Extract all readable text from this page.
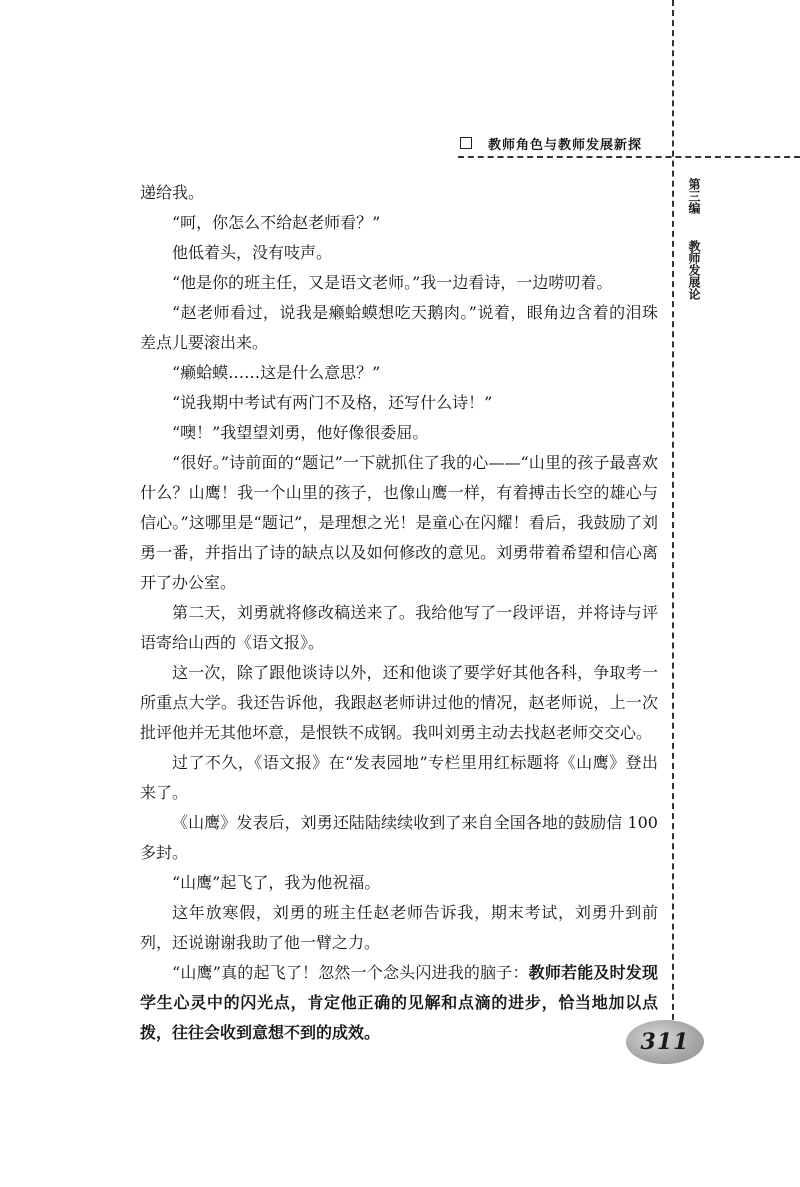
教师角色与教师发展新探
第三编
教师发展论

递给我。

“呵，你怎么不给赵老师看？”

他低着头，没有吱声。

“他是你的班主任，又是语文老师。”我一边看诗，一边唠叨着。

“赵老师看过，说我是癞蛤蟆想吃天鹅肉。”说着，眼角边含着的泪珠差点儿要滚出来。

“癞蛤蟆……这是什么意思？”

“说我期中考试有两门不及格，还写什么诗！”

“噢！”我望望刘勇，他好像很委屈。

“很好。”诗前面的“题记”一下就抓住了我的心——“山里的孩子最喜欢什么？山鹰！我一个山里的孩子，也像山鹰一样，有着搏击长空的雄心与信心。”这哪里是“题记”，是理想之光！是童心在闪耀！看后，我鼓励了刘勇一番，并指出了诗的缺点以及如何修改的意见。刘勇带着希望和信心离开了办公室。

第二天，刘勇就将修改稿送来了。我给他写了一段评语，并将诗与评语寄给山西的《语文报》。

这一次，除了跟他谈诗以外，还和他谈了要学好其他各科，争取考一所重点大学。我还告诉他，我跟赵老师讲过他的情况，赵老师说，上一次批评他并无其他坏意，是恨铁不成钢。我叫刘勇主动去找赵老师交交心。

过了不久，《语文报》在“发表园地”专栏里用红标题将《山鹰》登出来了。

《山鹰》发表后，刘勇还陆陆续续收到了来自全国各地的鼓励信 100 多封。

“山鹰”起飞了，我为他祝福。

这年放寒假，刘勇的班主任赵老师告诉我，期末考试，刘勇升到前列，还说谢谢我助了他一臂之力。

“山鹰”真的起飞了！忽然一个念头闪进我的脑子：教师若能及时发现学生心灵中的闪光点，肯定他正确的见解和点滴的进步，恰当地加以点拨，往往会收到意想不到的成效。	311
